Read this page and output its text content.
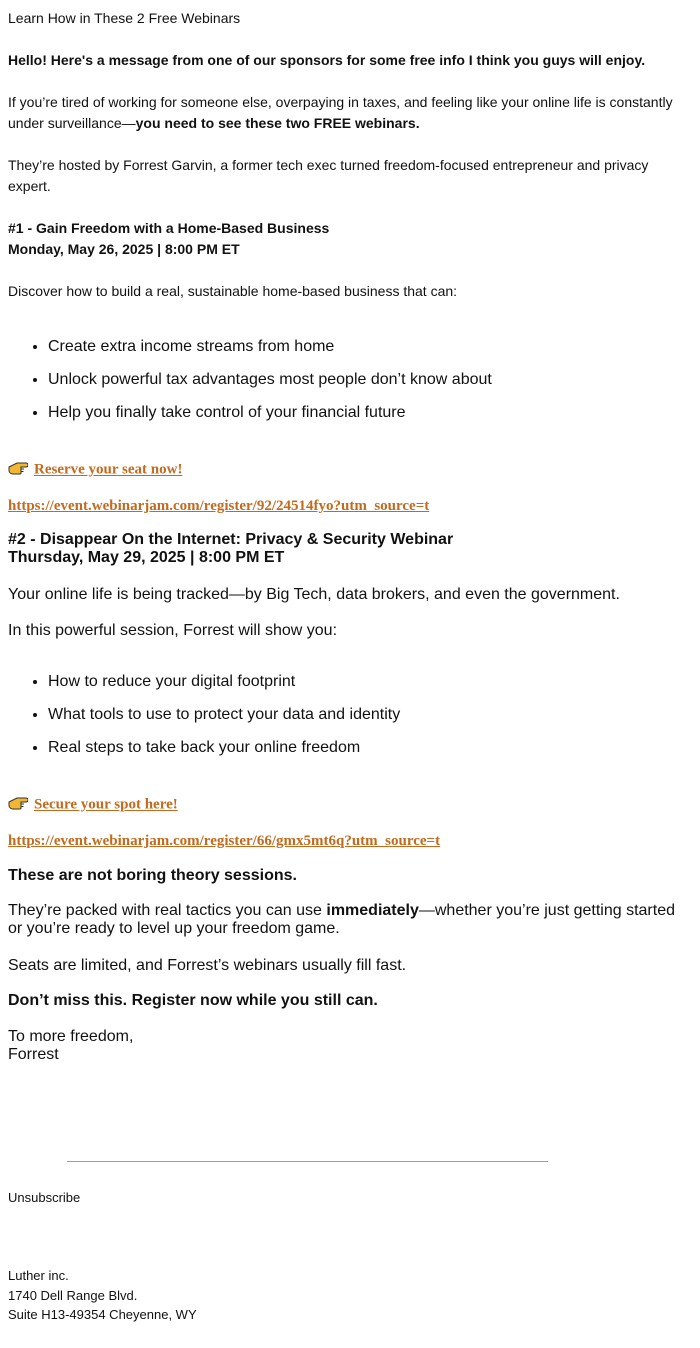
Learn How in These 2 Free Webinars

Hello! Here's a message from one of our sponsors for some free info I think you guys will enjoy.

If you’re tired of working for someone else, overpaying in taxes, and feeling like your online life is constantly under surveillance—you need to see these two FREE webinars.

They’re hosted by Forrest Garvin, a former tech exec turned freedom-focused entrepreneur and privacy expert.

#1 - Gain Freedom with a Home-Based Business

Monday, May 26, 2025 | 8:00 PM ET

Discover how to build a real, sustainable home-based business that can:

• Create extra income streams from home
• Unlock powerful tax advantages most people don’t know about
• Help you finally take control of your financial future
Reserve your seat now!

https://event.webinarjam.com/register/92/24514fyo?utm_source=t

#2 - Disappear On the Internet: Privacy & Security Webinar

Thursday, May 29, 2025 | 8:00 PM ET

Your online life is being tracked—by Big Tech, data brokers, and even the government.

In this powerful session, Forrest will show you:

• How to reduce your digital footprint
• What tools to use to protect your data and identity
• Real steps to take back your online freedom
Secure your spot here!

https://event.webinarjam.com/register/66/gmx5mt6q?utm_source=t

These are not boring theory sessions.

They’re packed with real tactics you can use immediately—whether you’re just getting started or you’re ready to level up your freedom game.

Seats are limited, and Forrest’s webinars usually fill fast.

Don’t miss this. Register now while you still can.

To more freedom,

Forrest

Unsubscribe

Luther inc.

1740 Dell Range Blvd.

Suite H13-49354 Cheyenne, WY
